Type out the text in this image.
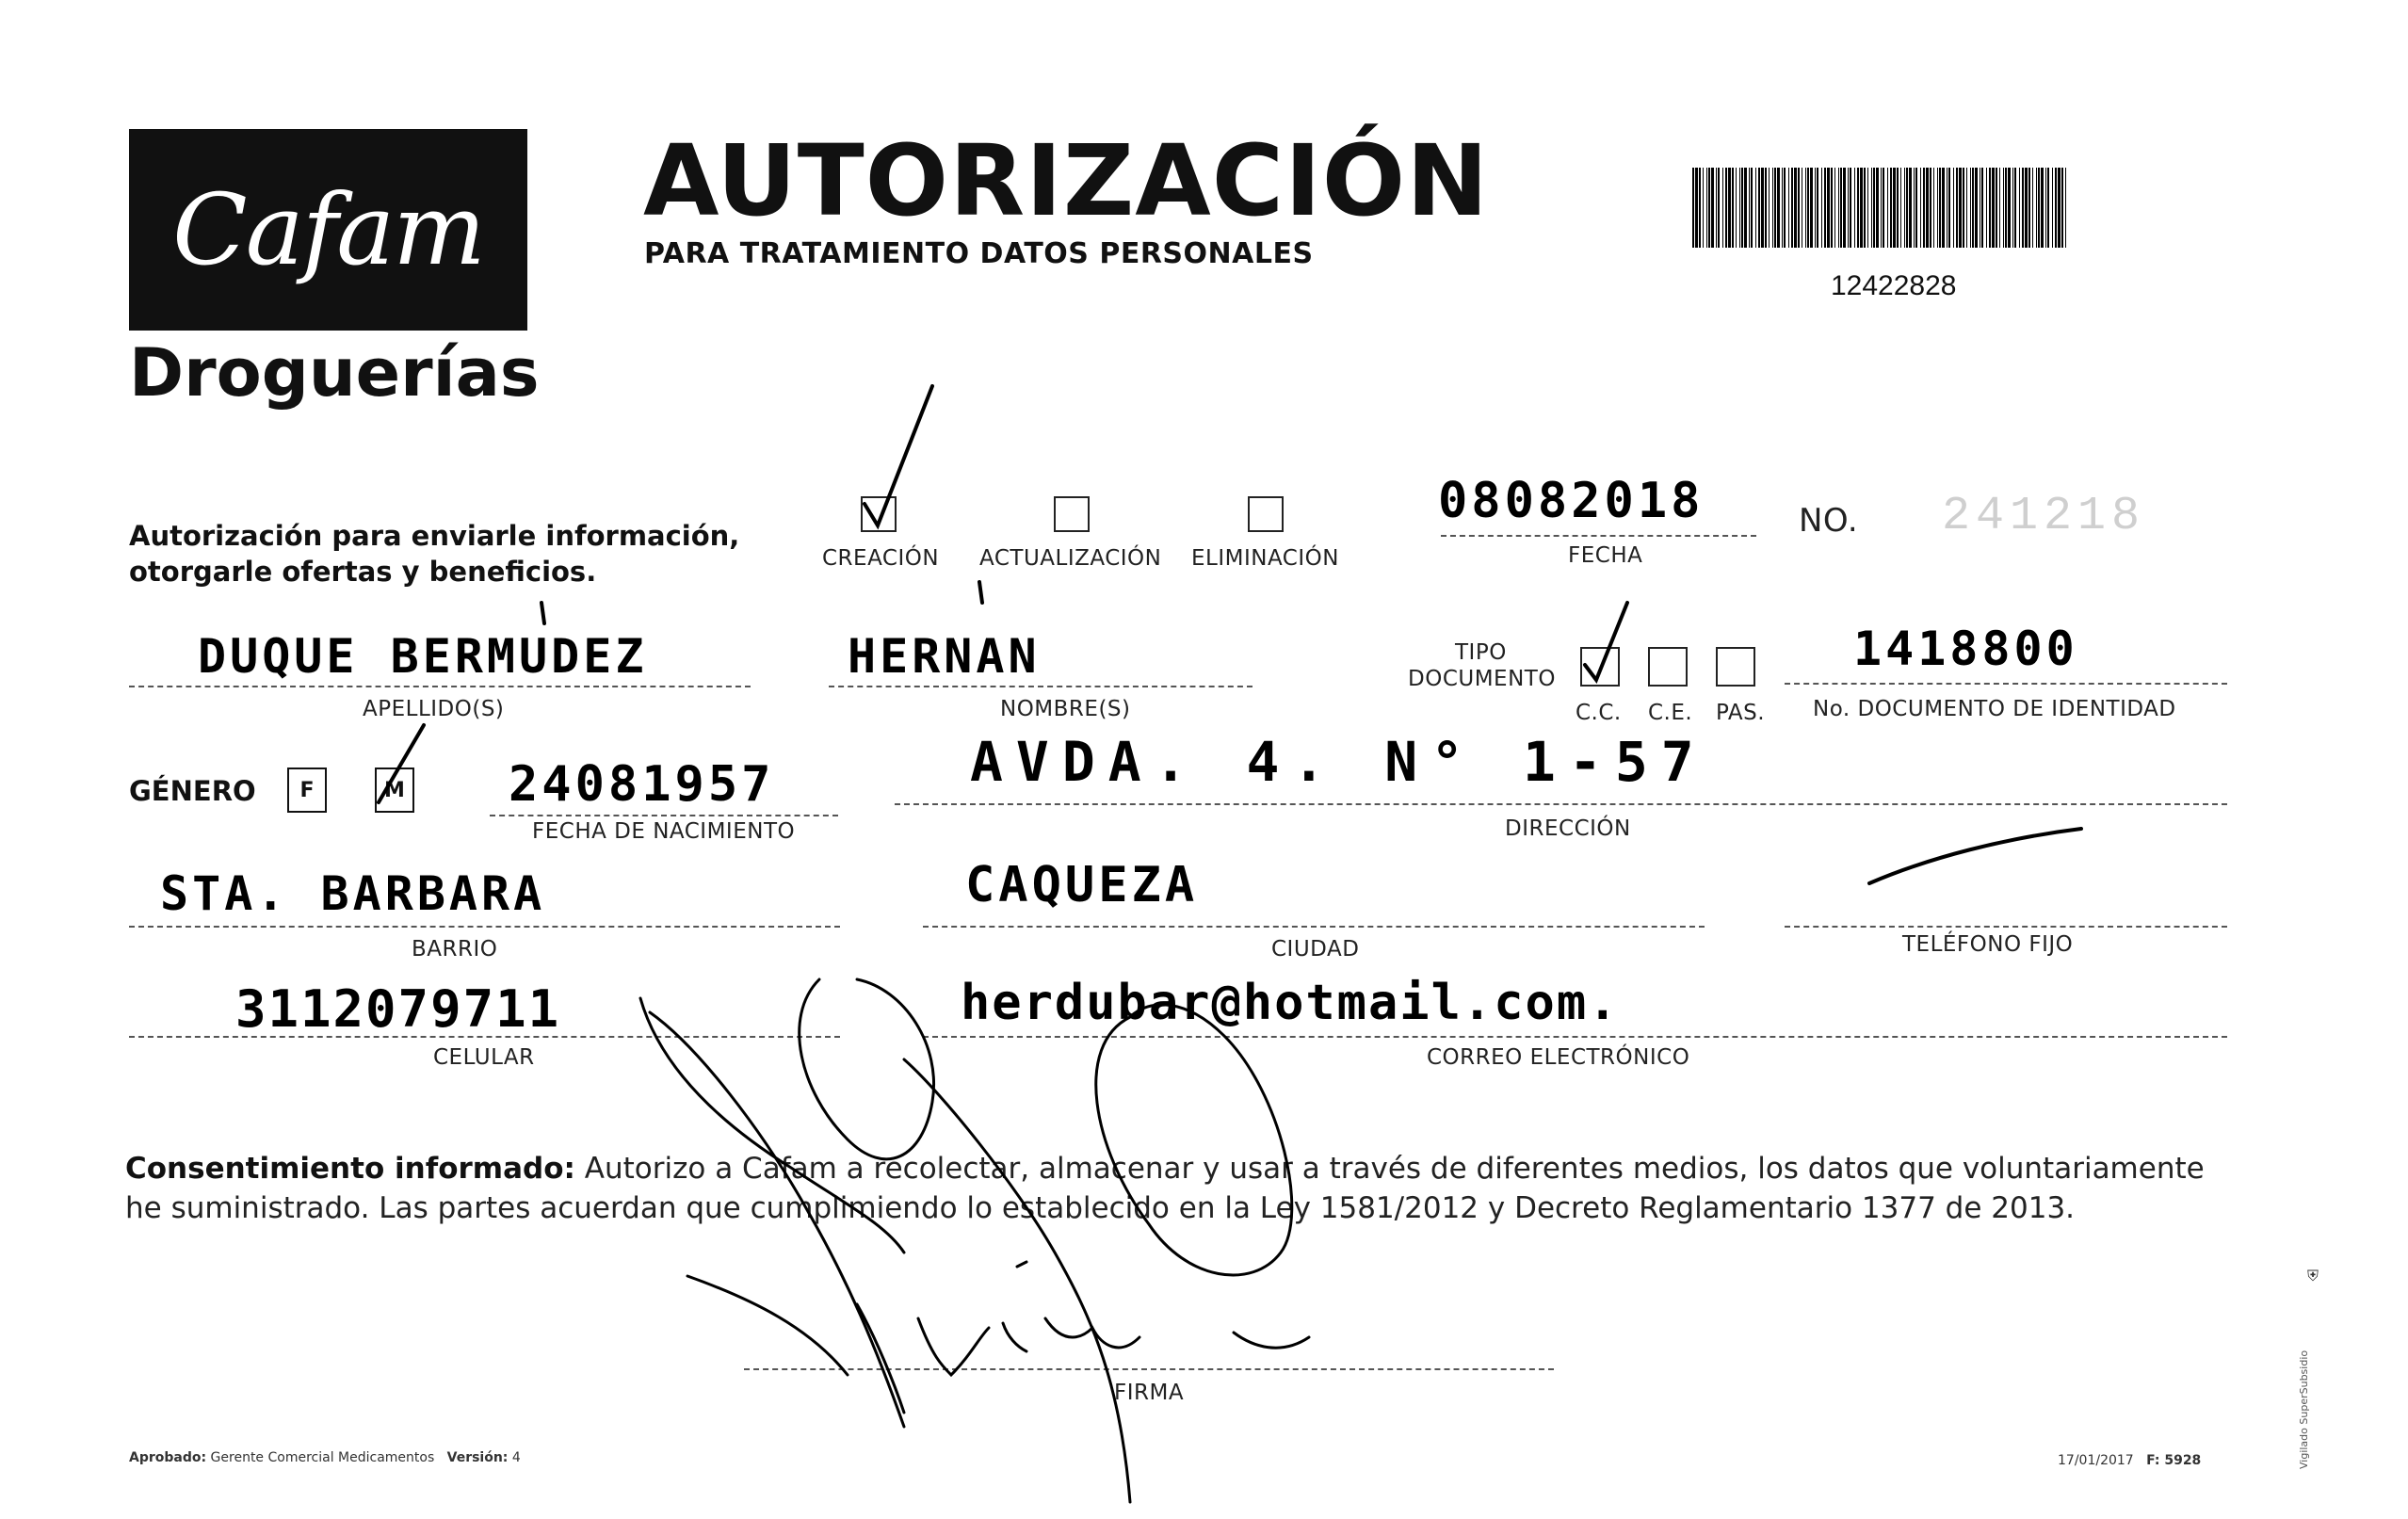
Cafam
Droguerías
AUTORIZACIÓN
PARA TRATAMIENTO DATOS PERSONALES
12422828
Autorización para enviarle información,
otorgarle ofertas y beneficios.	CREACIÓN ACTUALIZACIÓN ELIMINACIÓN
08082018
FECHA
NO. 241218
DUQUE BERMUDEZ
APELLIDO(S)
HERNAN
NOMBRE(S)
TIPO
DOCUMENTO
C.C. C.E. PAS.
1418800
No. DOCUMENTO DE IDENTIDAD
GÉNERO F	M 24081957
FECHA DE NACIMIENTO
AVDA. 4. N° 1-57
DIRECCIÓN
STA. BARBARA
BARRIO
CAQUEZA
CIUDAD	TELÉFONO FIJO
3112079711
CELULAR
herdubar@hotmail.com.
CORREO ELECTRÓNICO
Consentimiento informado: Autorizo a Cafam a recolectar, almacenar y usar a través de diferentes medios, los datos que voluntariamente he suministrado. Las partes acuerdan que cumplimiendo lo establecido en la Ley 1581/2012 y Decreto Reglamentario 1377 de 2013.
FIRMA
Aprobado: Gerente Comercial Medicamentos Versión: 4	17/01/2017 F: 5928	Vigilado SuperSubsidio
⛨
